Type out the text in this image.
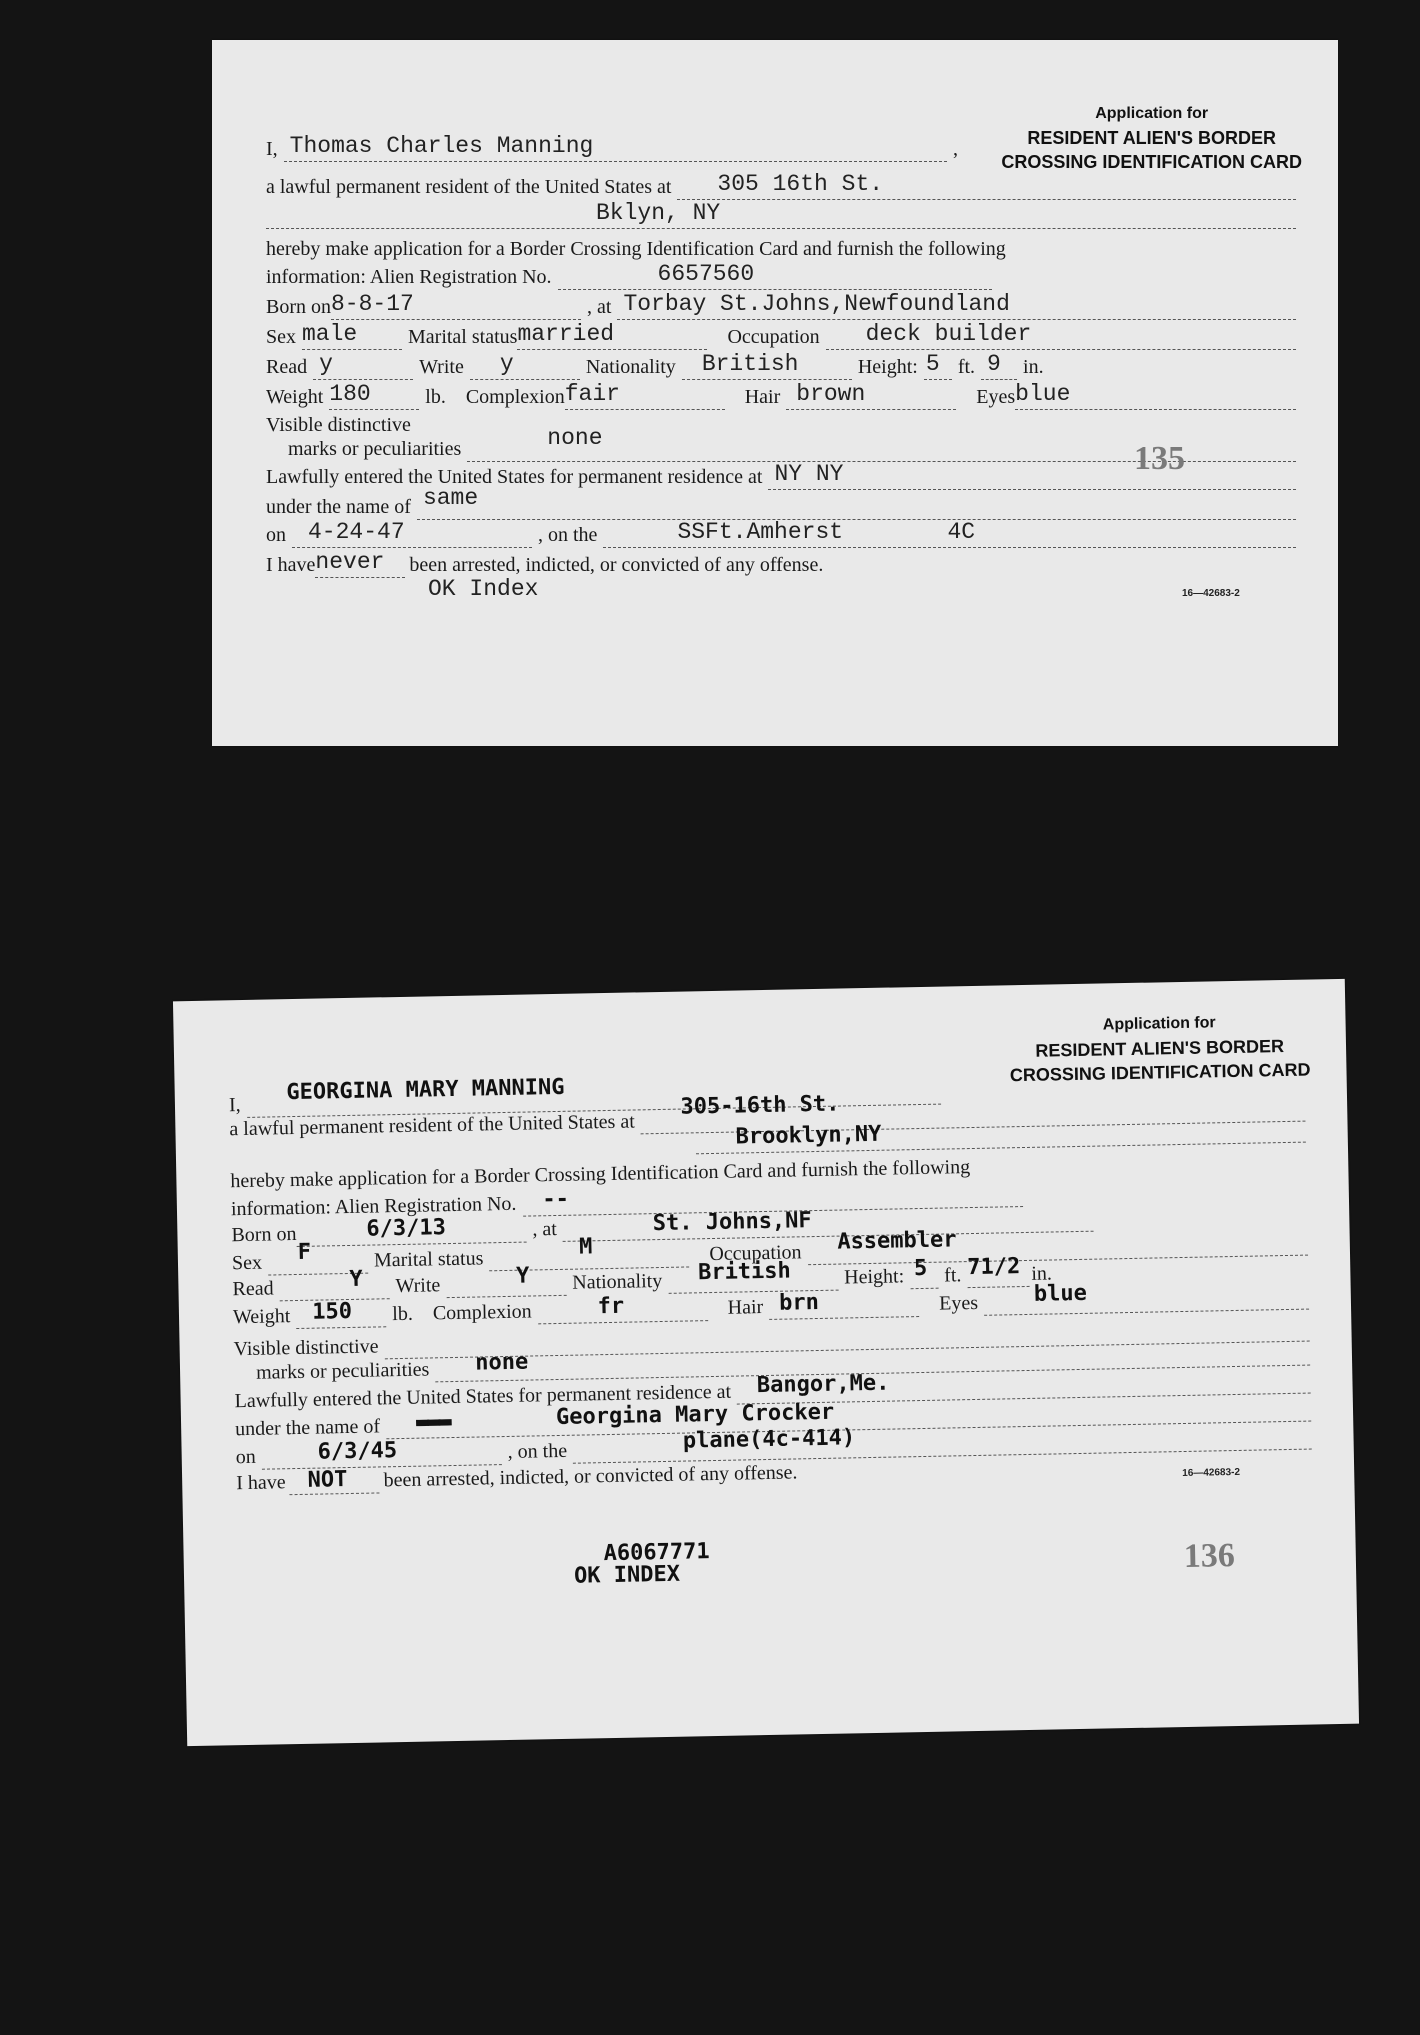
Application for
RESIDENT ALIEN'S BORDER
CROSSING IDENTIFICATION CARD
I, Thomas Charles Manning	,
a lawful permanent resident of the United States at 305 16th St.
Bklyn, NY
hereby make application for a Border Crossing Identification Card and furnish the following
information: Alien Registration No.	6657560
Born on 8-8-17	, at Torbay St.Johns,Newfoundland
Sex male	Marital status married	Occupation deck builder
Read y	Write y	Nationality British	Height: 5 ft. 9 in.
Weight 180	lb. Complexion fair	Hair brown	Eyes blue
Visible distinctive
marks or peculiarities	none
Lawfully entered the United States for permanent residence at NY NY
under the name of same
on 4-24-47	, on the	SSFt.Amherst	4C
I have never been arrested, indicted, or convicted of any offense.
OK Index
135
16—42683-2
Application for
RESIDENT ALIEN'S BORDER
CROSSING IDENTIFICATION CARD
I, GEORGINA MARY MANNING
a lawful permanent resident of the United States at
305-16th St.
Brooklyn,NY
hereby make application for a Border Crossing Identification Card and furnish the following
information: Alien Registration No. --
Born on	6/3/13	, at	St. Johns,NF
Sex F	Marital status	M	Occupation Assembler
Read	Y Write	Y Nationality British	Height: 5 ft. 71/2 in.
Weight 150 lb. Complexion	fr	Hair brn	Eyes	blue
Visible distinctive
marks or peculiarities none
Lawfully entered the United States for permanent residence at Bangor,Me.
under the name of ▬▬▬	Georgina Mary Crocker
on	6/3/45	, on the	plane(4c-414)
I have NOT been arrested, indicted, or convicted of any offense.	16—42683-2
A6067771
OK INDEX
136
